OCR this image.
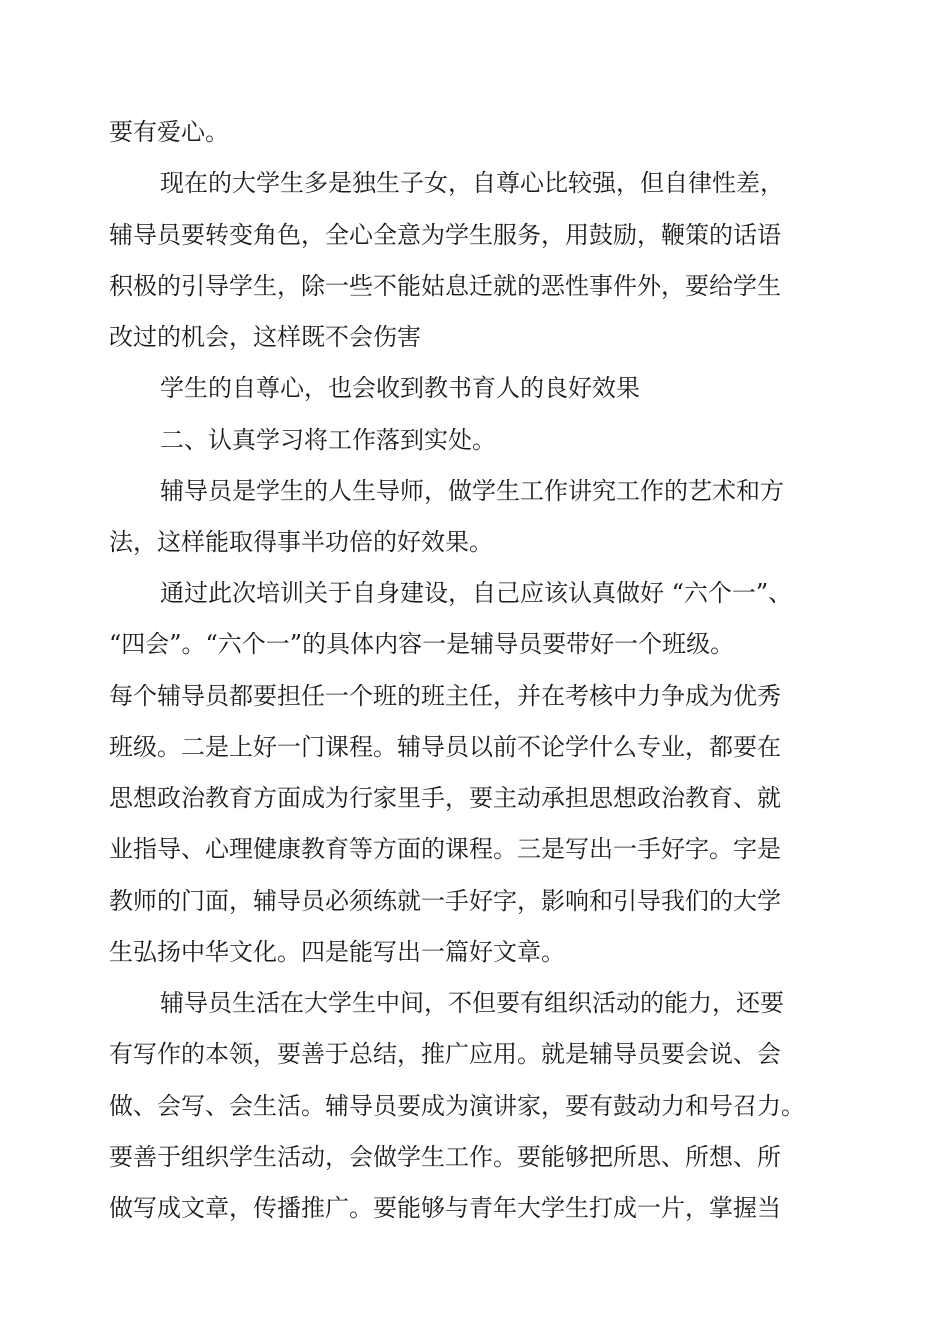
要有爱心。
现在的大学生多是独生子女，自尊心比较强，但自律性差，
辅导员要转变角色，全心全意为学生服务，用鼓励，鞭策的话语
积极的引导学生，除一些不能姑息迁就的恶性事件外，要给学生
改过的机会，这样既不会伤害
学生的自尊心，也会收到教书育人的良好效果
二、认真学习将工作落到实处。
辅导员是学生的人生导师，做学生工作讲究工作的艺术和方
法，这样能取得事半功倍的好效果。
通过此次培训关于自身建设，自己应该认真做好 “六个一”、
“四会”。“六个一”的具体内容一是辅导员要带好一个班级。
每个辅导员都要担任一个班的班主任，并在考核中力争成为优秀
班级。二是上好一门课程。辅导员以前不论学什么专业，都要在
思想政治教育方面成为行家里手，要主动承担思想政治教育、就
业指导、心理健康教育等方面的课程。三是写出一手好字。字是
教师的门面，辅导员必须练就一手好字，影响和引导我们的大学
生弘扬中华文化。四是能写出一篇好文章。
辅导员生活在大学生中间，不但要有组织活动的能力，还要
有写作的本领，要善于总结，推广应用。就是辅导员要会说、会
做、会写、会生活。辅导员要成为演讲家，要有鼓动力和号召力。
要善于组织学生活动，会做学生工作。要能够把所思、所想、所
做写成文章，传播推广。要能够与青年大学生打成一片，掌握当
